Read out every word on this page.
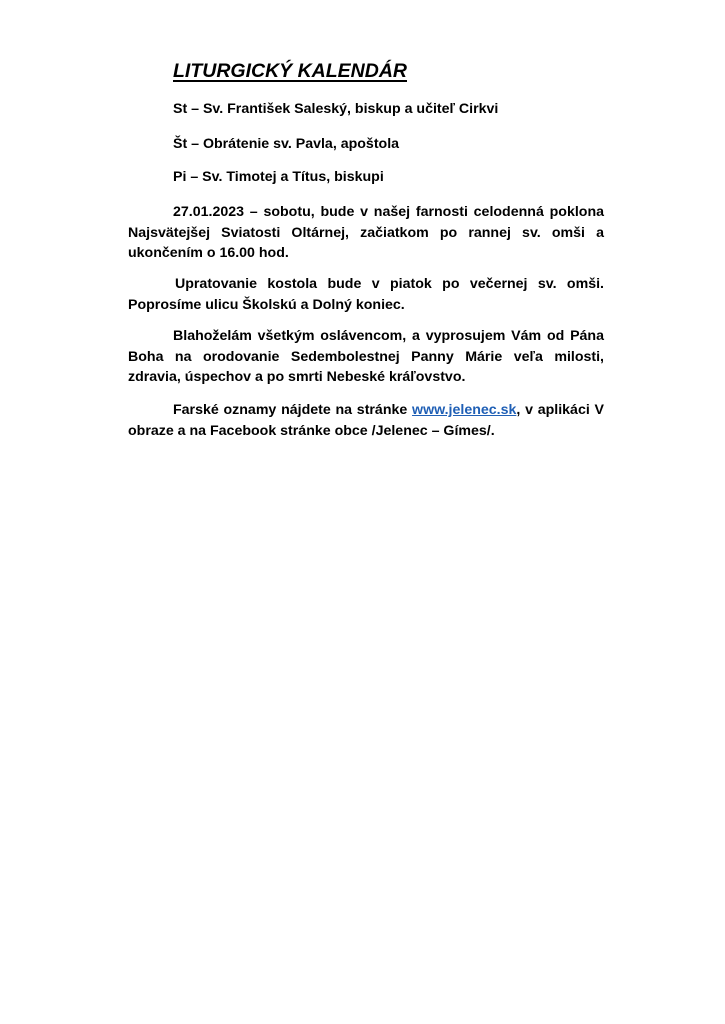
LITURGICKÝ KALENDÁR
St – Sv. František Saleský, biskup a učiteľ Cirkvi
Št – Obrátenie sv. Pavla, apoštola
Pi – Sv. Timotej a Títus, biskupi
27.01.2023 – sobotu, bude v našej farnosti celodenná poklona Najsvätejšej Sviatosti Oltárnej, začiatkom po rannej sv. omši a ukončením o 16.00 hod.
Upratovanie kostola bude v piatok po večernej sv. omši. Poprosíme ulicu Školskú a Dolný koniec.
Blahoželám všetkým oslávencom, a vyprosujem Vám od Pána Boha na orodovanie Sedembolestnej Panny Márie veľa milosti, zdravia, úspechov a po smrti Nebeské kráľovstvo.
Farské oznamy nájdete na stránke www.jelenec.sk, v aplikáci V obraze a na Facebook stránke obce /Jelenec – Gímes/.
